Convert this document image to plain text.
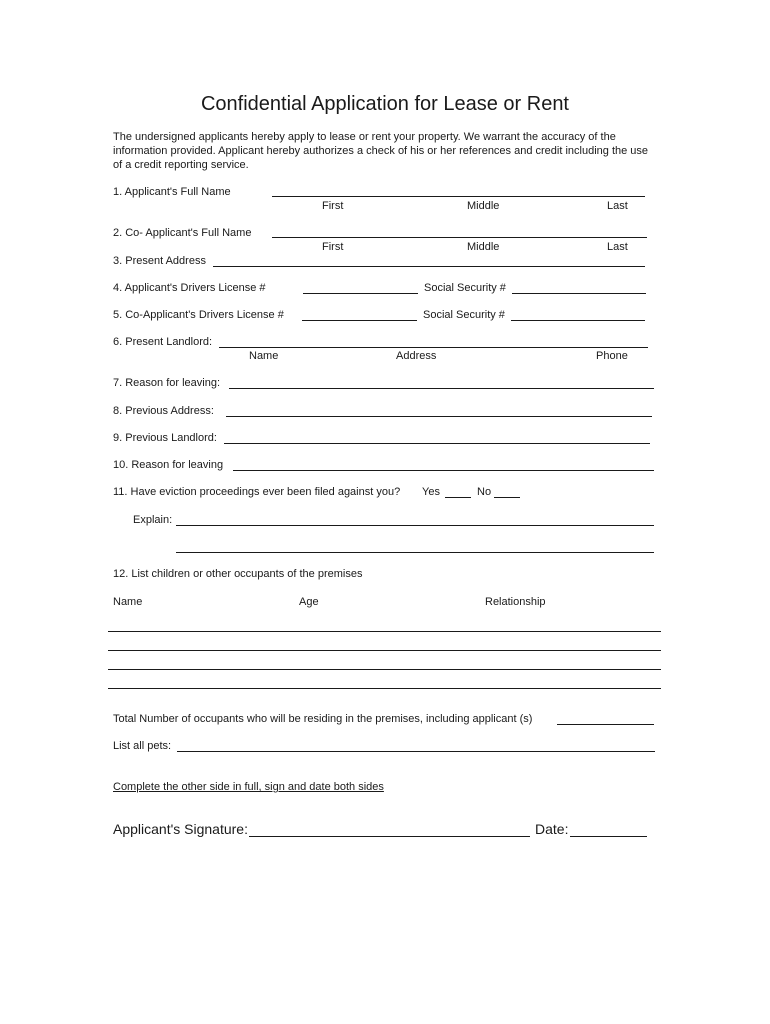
Confidential Application for Lease or Rent
The undersigned applicants hereby apply to lease or rent your property. We warrant the accuracy of the information provided. Applicant hereby authorizes a check of his or her references and credit including the use of a credit reporting service.
1. Applicant's Full Name
First	Middle	Last
2. Co- Applicant's Full Name
First	Middle	Last
3. Present Address
4. Applicant's Drivers License #	Social Security #
5. Co-Applicant's Drivers License #	Social Security #
6. Present Landlord:
Name	Address	Phone
7. Reason for leaving:
8. Previous Address:
9. Previous Landlord:
10. Reason for leaving
11. Have eviction proceedings ever been filed against you? Yes	No
Explain:
12. List children or other occupants of the premises
Name	Age	Relationship
Total Number of occupants who will be residing in the premises, including applicant (s)
List all pets:
Complete the other side in full, sign and date both sides
Applicant's Signature:	Date:
